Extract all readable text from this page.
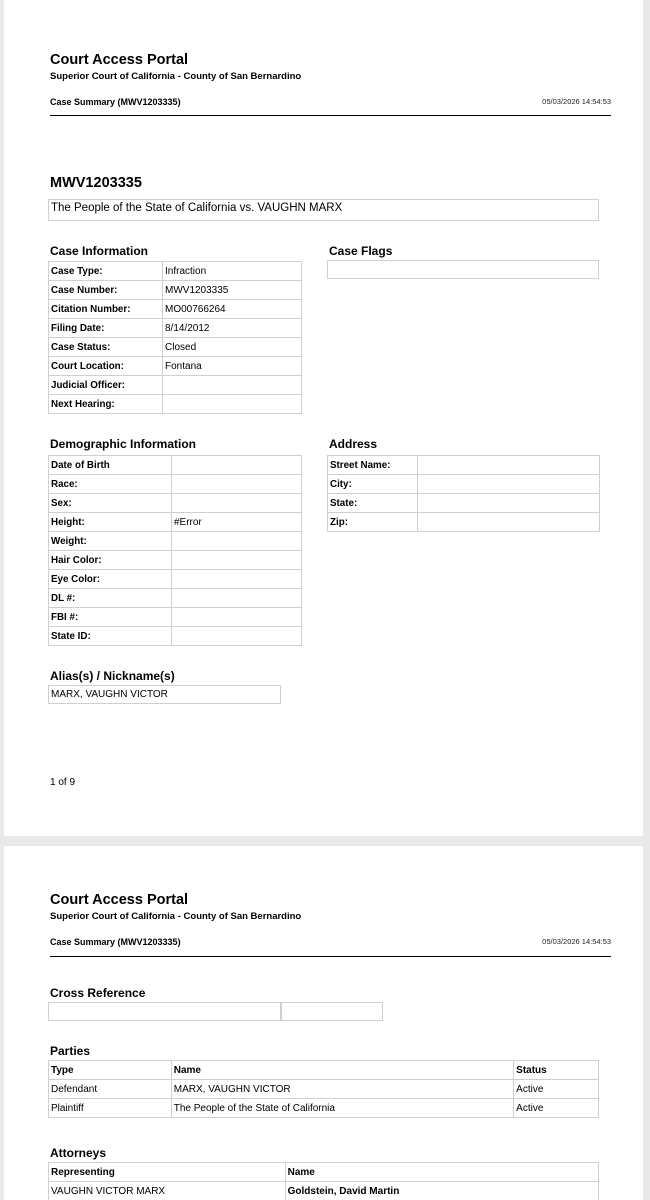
Court Access Portal
Superior Court of California - County of San Bernardino
Case Summary (MWV1203335)	05/03/2026 14:54:53
MWV1203335
The People of the State of California vs. VAUGHN MARX
Case Information
Case Type:	Infraction
Case Number:	MWV1203335
Citation Number:	MO00766264
Filing Date:	8/14/2012
Case Status:	Closed
Court Location:	Fontana
Judicial Officer:	
Next Hearing:	
Case Flags
Demographic Information
Date of Birth	
Race:	
Sex:	
Height:	#Error
Weight:	
Hair Color:	
Eye Color:	
DL #:	
FBI #:	
State ID:	
Address
Street Name:	
City:	
State:	
Zip:	
Alias(s) / Nickname(s)
MARX, VAUGHN VICTOR
1 of 9
Court Access Portal
Superior Court of California - County of San Bernardino
Case Summary (MWV1203335)	05/03/2026 14:54:53
Cross Reference
Parties
Type	Name	Status
Defendant	MARX, VAUGHN VICTOR	Active
Plaintiff	The People of the State of California	Active
Attorneys
Representing	Name
VAUGHN VICTOR MARX	Goldstein, David Martin
